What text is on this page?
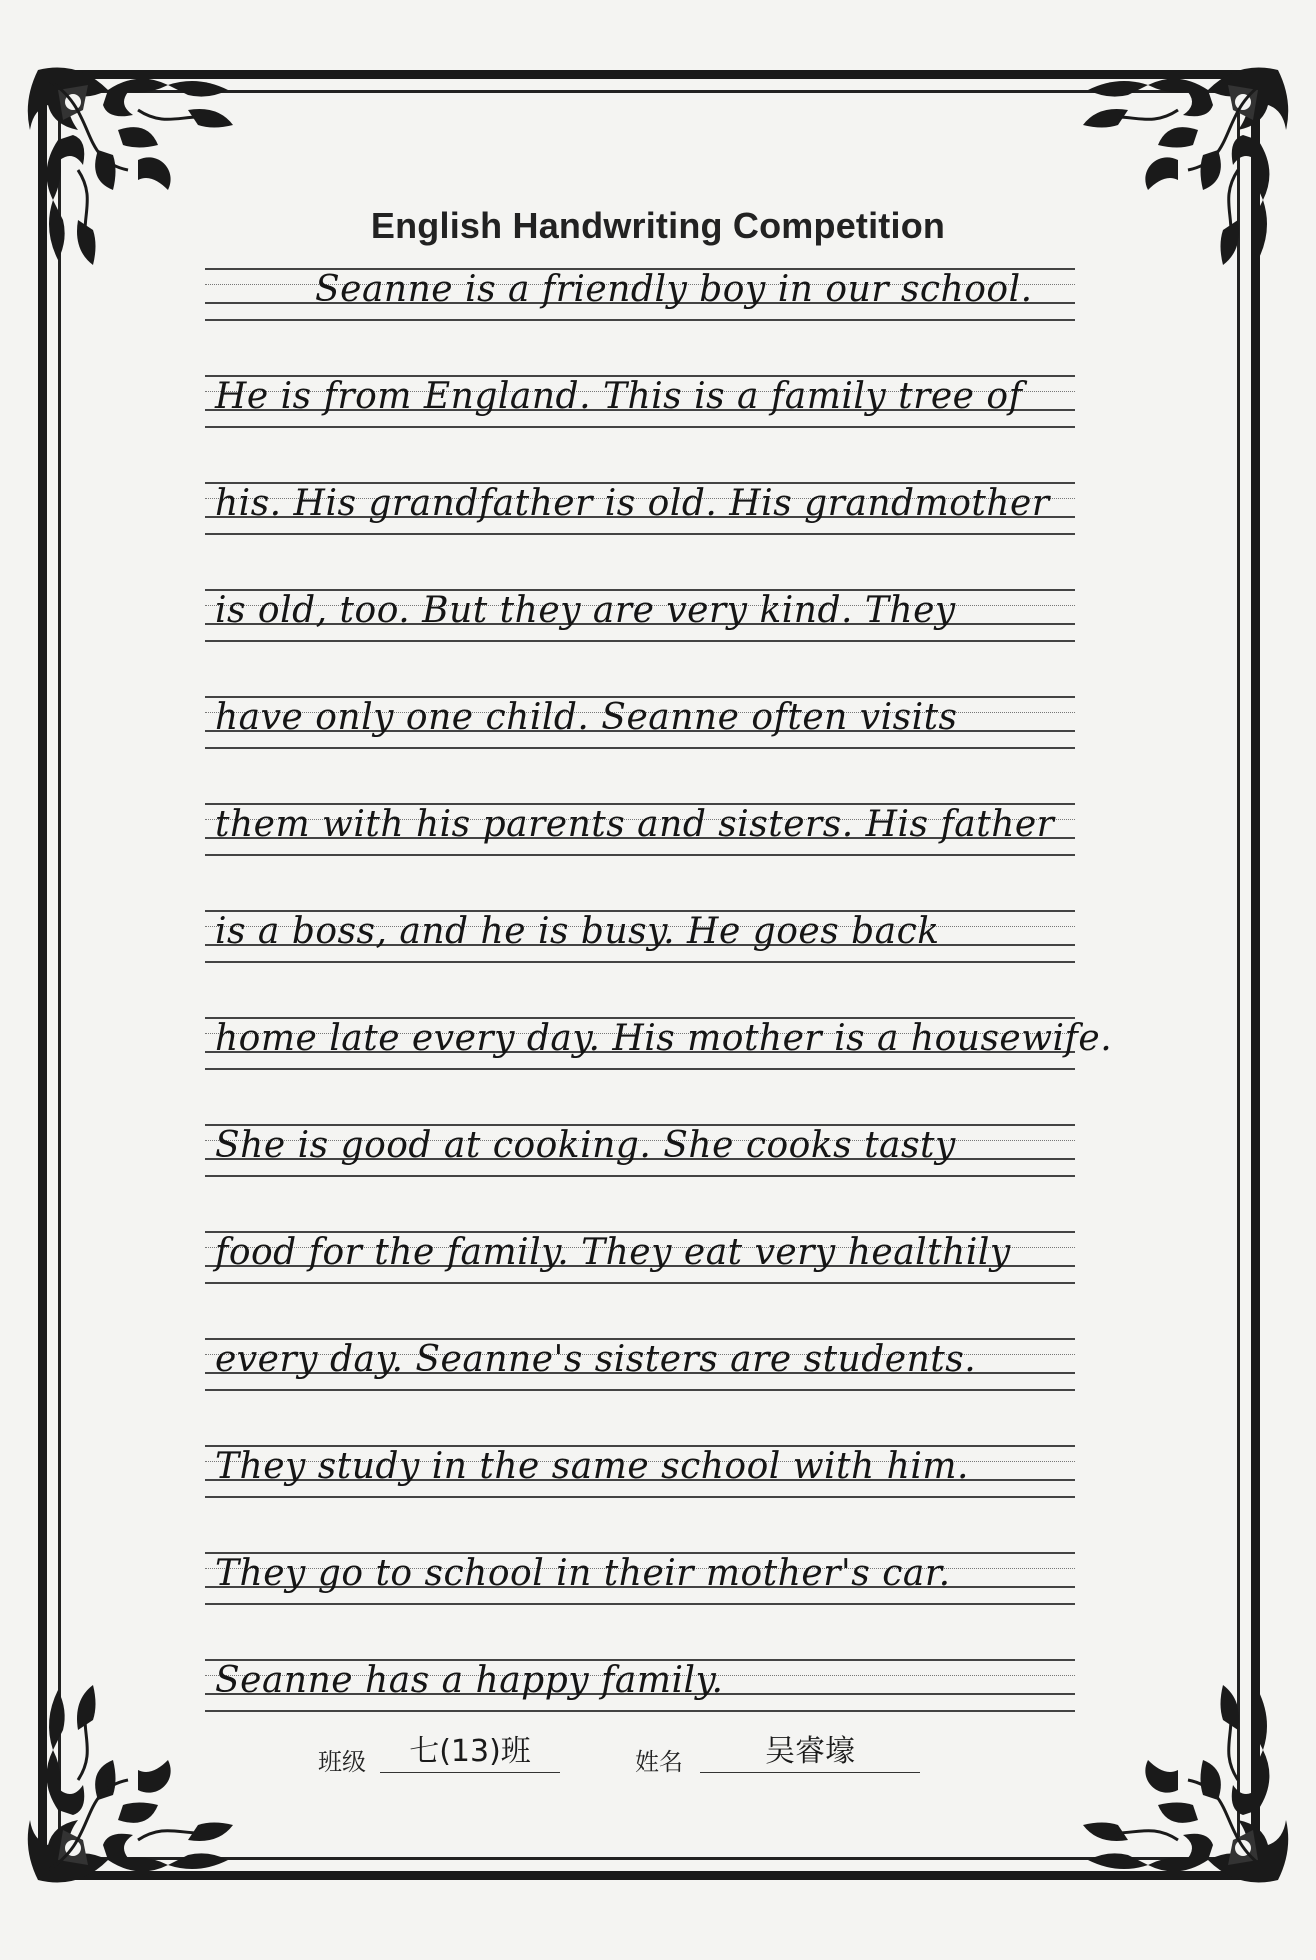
English Handwriting Competition
Seanne is a friendly boy in our school.
He is from England. This is a family tree of
his. His grandfather is old. His grandmother
is old, too. But they are very kind. They
have only one child. Seanne often visits
them with his parents and sisters. His father
is a boss, and he is busy. He goes back
home late every day. His mother is a housewife.
She is good at cooking. She cooks tasty
food for the family. They eat very healthily
every day. Seanne's sisters are students.
They study in the same school with him.
They go to school in their mother's car.
Seanne has a happy family.
班级	七(13)班	姓名	吴睿壕
